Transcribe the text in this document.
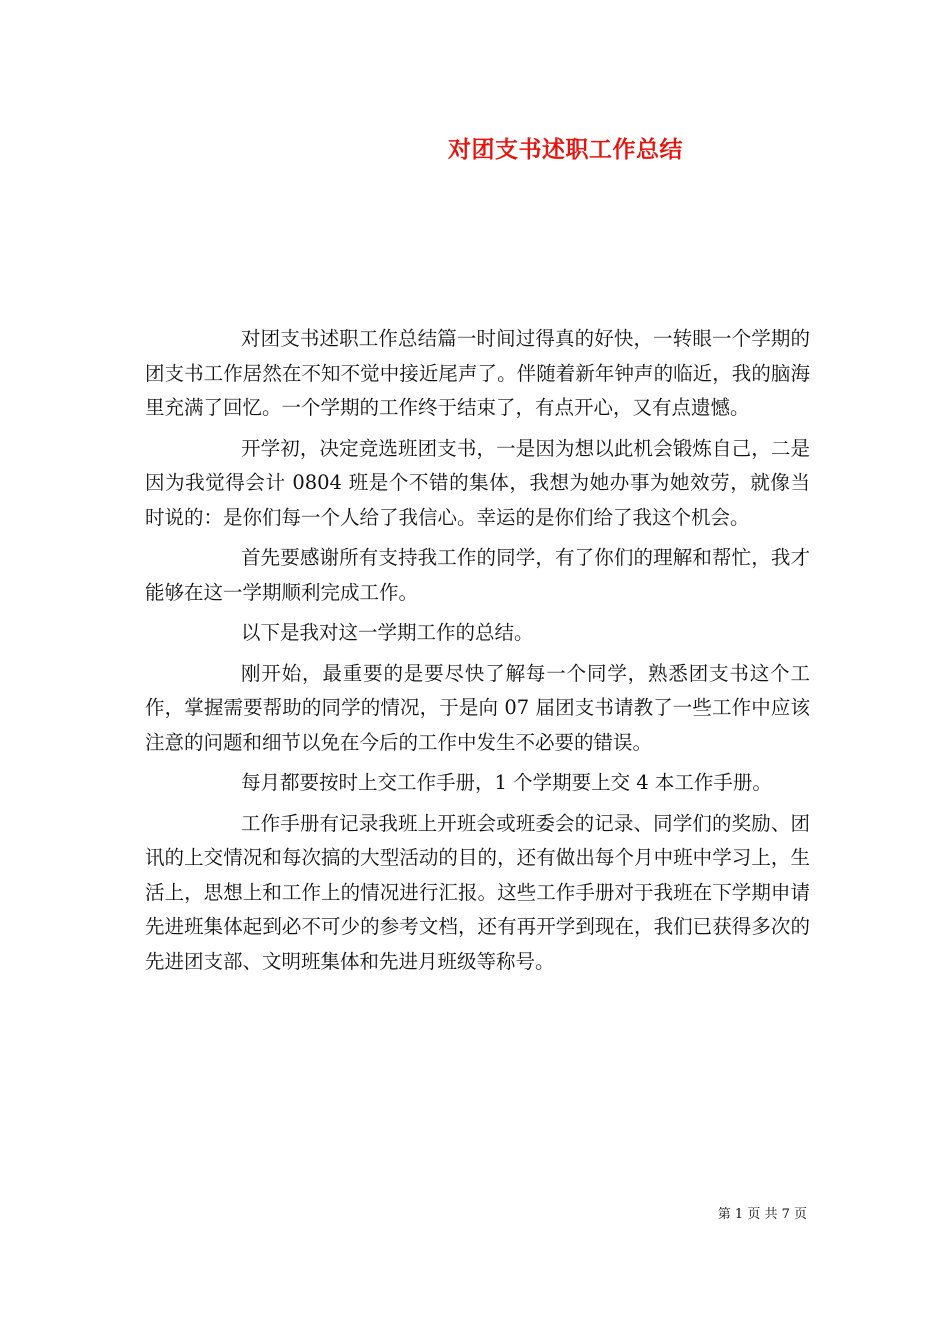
对团支书述职工作总结

对团支书述职工作总结篇一时间过得真的好快，一转眼一个学期的团支书工作居然在不知不觉中接近尾声了。伴随着新年钟声的临近，我的脑海里充满了回忆。一个学期的工作终于结束了，有点开心，又有点遗憾。

开学初，决定竞选班团支书，一是因为想以此机会锻炼自己，二是因为我觉得会计 0804 班是个不错的集体，我想为她办事为她效劳，就像当时说的：是你们每一个人给了我信心。幸运的是你们给了我这个机会。

首先要感谢所有支持我工作的同学，有了你们的理解和帮忙，我才能够在这一学期顺利完成工作。

以下是我对这一学期工作的总结。

刚开始，最重要的是要尽快了解每一个同学，熟悉团支书这个工作，掌握需要帮助的同学的情况，于是向 07 届团支书请教了一些工作中应该注意的问题和细节以免在今后的工作中发生不必要的错误。

每月都要按时上交工作手册，1 个学期要上交 4 本工作手册。

工作手册有记录我班上开班会或班委会的记录、同学们的奖励、团讯的上交情况和每次搞的大型活动的目的，还有做出每个月中班中学习上，生活上，思想上和工作上的情况进行汇报。这些工作手册对于我班在下学期申请先进班集体起到必不可少的参考文档，还有再开学到现在，我们已获得多次的先进团支部、文明班集体和先进月班级等称号。

第 1 页 共 7 页
